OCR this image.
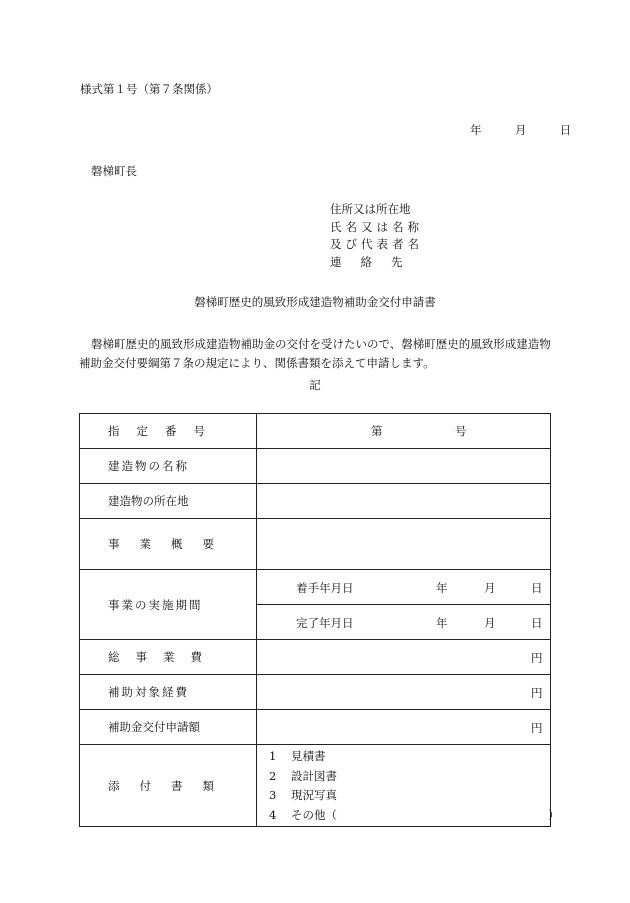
様式第１号（第７条関係）
年	月	日
磐梯町長
住所又は所在地
氏名又は名称
及び代表者名
連絡先
磐梯町歴史的風致形成建造物補助金交付申請書
磐梯町歴史的風致形成建造物補助金の交付を受けたいので、磐梯町歴史的風致形成建造物補助金交付要綱第７条の規定により、関係書類を添えて申請します。
記
指定番号	第 号

建造物の名称	
建造物の所在地	
事業概要	
事業の実施期間	着手年月日 年 月 日

	完了年月日 年 月 日

総事業費	円

補助対象経費	円

補助金交付申請額	円

添付書類	1 見積書
2 設計図書
3 現況写真
4 その他（ ）
